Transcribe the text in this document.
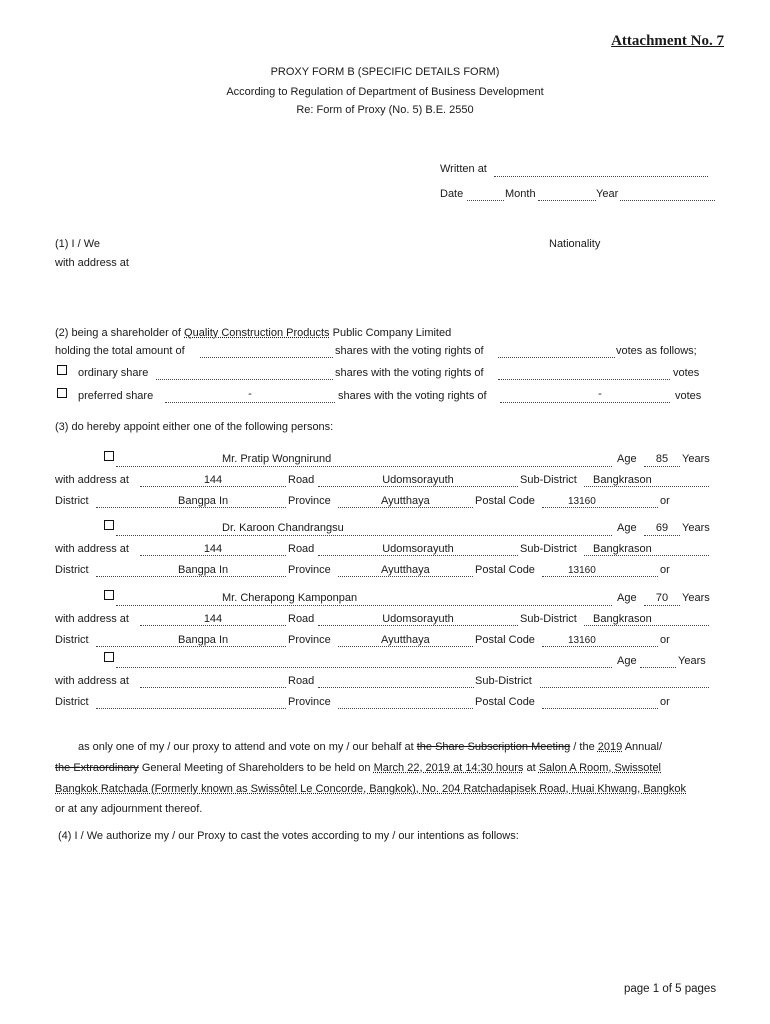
Attachment No. 7
PROXY FORM B (SPECIFIC DETAILS FORM)
According to Regulation of Department of Business Development
Re: Form of Proxy (No. 5) B.E. 2550
Written at
Date	Month	Year
(1) I / We	Nationality
with address at
(2) being a shareholder of Quality Construction Products Public Company Limited
holding the total amount of	shares with the voting rights of	votes as follows;
ordinary share	shares with the voting rights of	votes
preferred share	-	shares with the voting rights of	-	votes
(3) do hereby appoint either one of the following persons:
Mr. Pratip Wongnirund	Age	85	Years
with address at	144	Road	Udomsorayuth	Sub-District Bangkrason
District	Bangpa In	Province	Ayutthaya	Postal Code	13160	or
Dr. Karoon Chandrangsu	Age	69	Years
with address at	144	Road	Udomsorayuth	Sub-District Bangkrason
District	Bangpa In	Province	Ayutthaya	Postal Code	13160	or
Mr. Cherapong Kamponpan	Age	70	Years
with address at	144	Road	Udomsorayuth	Sub-District Bangkrason
District	Bangpa In	Province	Ayutthaya	Postal Code	13160	or
Age	Years
with address at	Road	Sub-District
District	Province	Postal Code	or
as only one of my / our proxy to attend and vote on my / our behalf at the Share Subscription Meeting / the 2019 Annual/
the Extraordinary General Meeting of Shareholders to be held on March 22, 2019 at 14:30 hours at Salon A Room, Swissotel
Bangkok Ratchada (Formerly known as Swissôtel Le Concorde, Bangkok), No. 204 Ratchadapisek Road, Huai Khwang, Bangkok
or at any adjournment thereof.
(4) I / We authorize my / our Proxy to cast the votes according to my / our intentions as follows:
page 1 of 5 pages
